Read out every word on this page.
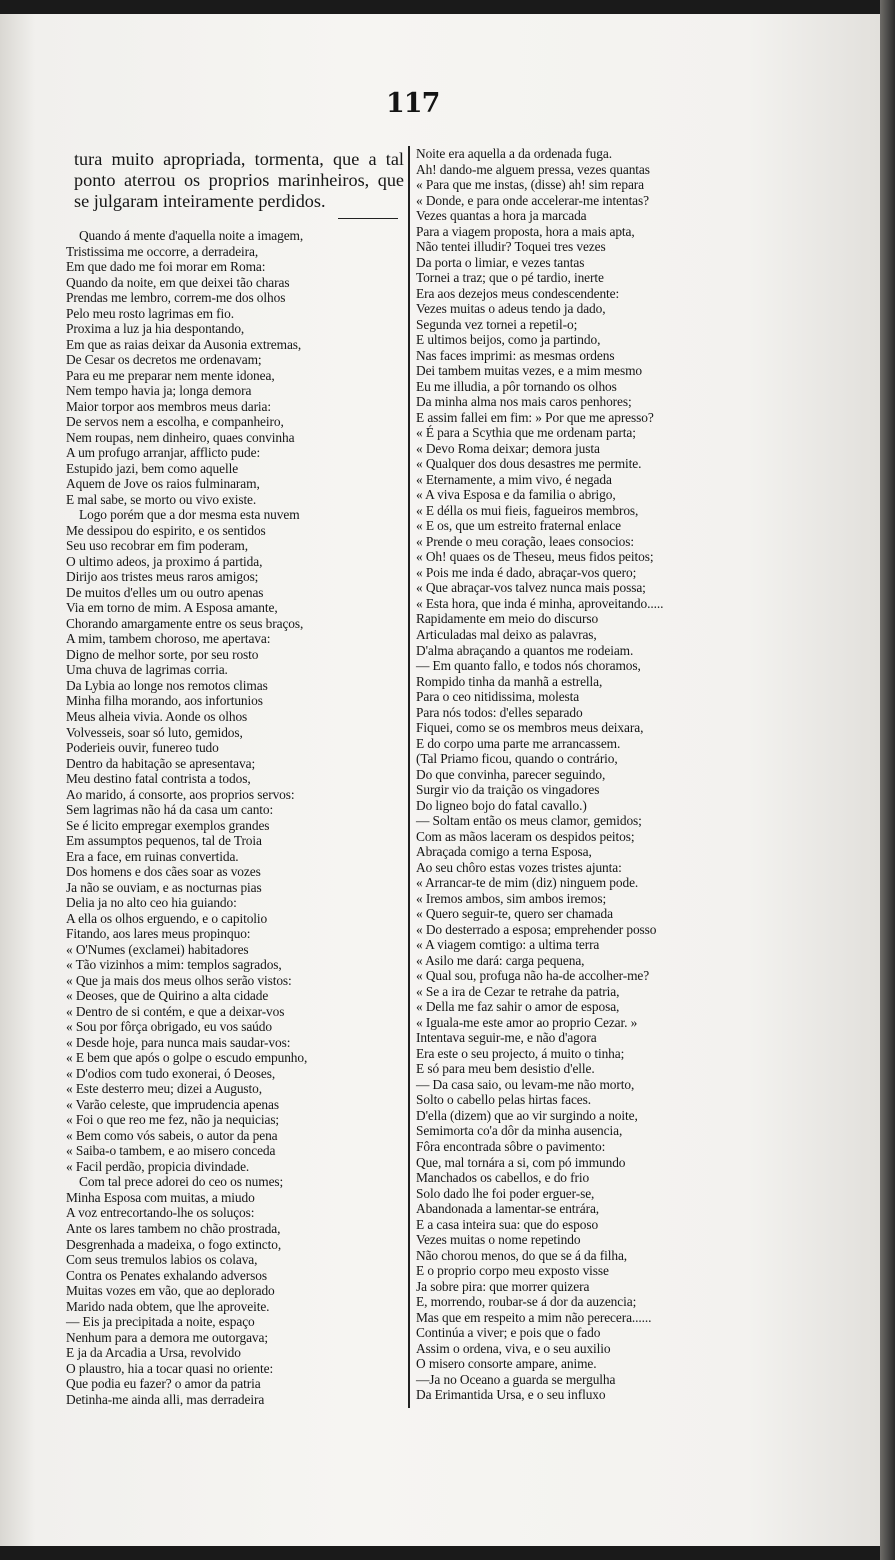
117
tura muito apropriada, tormenta, que a tal
ponto aterrou os proprios marinheiros, que
se julgaram inteiramente perdidos.
Quando á mente d'aquella noite a imagem,
Tristissima me occorre, a derradeira,
Em que dado me foi morar em Roma:
Quando da noite, em que deixei tão charas
Prendas me lembro, correm-me dos olhos
Pelo meu rosto lagrimas em fio.
Proxima a luz ja hia despontando,
Em que as raias deixar da Ausonia extremas,
De Cesar os decretos me ordenavam;
Para eu me preparar nem mente idonea,
Nem tempo havia ja; longa demora
Maior torpor aos membros meus daria:
De servos nem a escolha, e companheiro,
Nem roupas, nem dinheiro, quaes convinha
A um profugo arranjar, afflicto pude:
Estupido jazi, bem como aquelle
Aquem de Jove os raios fulminaram,
E mal sabe, se morto ou vivo existe.
Logo porém que a dor mesma esta nuvem
Me dessipou do espirito, e os sentidos
Seu uso recobrar em fim poderam,
O ultimo adeos, ja proximo á partida,
Dirijo aos tristes meus raros amigos;
De muitos d'elles um ou outro apenas
Via em torno de mim. A Esposa amante,
Chorando amargamente entre os seus braços,
A mim, tambem choroso, me apertava:
Digno de melhor sorte, por seu rosto
Uma chuva de lagrimas corria.
Da Lybia ao longe nos remotos climas
Minha filha morando, aos infortunios
Meus alheia vivia. Aonde os olhos
Volvesseis, soar só luto, gemidos,
Poderieis ouvir, funereo tudo
Dentro da habitação se apresentava;
Meu destino fatal contrista a todos,
Ao marido, á consorte, aos proprios servos:
Sem lagrimas não há da casa um canto:
Se é licito empregar exemplos grandes
Em assumptos pequenos, tal de Troia
Era a face, em ruinas convertida.
Dos homens e dos cães soar as vozes
Ja não se ouviam, e as nocturnas pias
Delia ja no alto ceo hia guiando:
A ella os olhos erguendo, e o capitolio
Fitando, aos lares meus propinquo:
« O'Numes (exclamei) habitadores
« Tão vizinhos a mim: templos sagrados,
« Que ja mais dos meus olhos serão vistos:
« Deoses, que de Quirino a alta cidade
« Dentro de si contém, e que a deixar-vos
« Sou por fôrça obrigado, eu vos saúdo
« Desde hoje, para nunca mais saudar-vos:
« E bem que após o golpe o escudo empunho,
« D'odios com tudo exonerai, ó Deoses,
« Este desterro meu; dizei a Augusto,
« Varão celeste, que imprudencia apenas
« Foi o que reo me fez, não ja nequicias;
« Bem como vós sabeis, o autor da pena
« Saiba-o tambem, e ao misero conceda
« Facil perdão, propicia divindade.
Com tal prece adorei do ceo os numes;
Minha Esposa com muitas, a miudo
A voz entrecortando-lhe os soluços:
Ante os lares tambem no chão prostrada,
Desgrenhada a madeixa, o fogo extincto,
Com seus tremulos labios os colava,
Contra os Penates exhalando adversos
Muitas vozes em vão, que ao deplorado
Marido nada obtem, que lhe aproveite.
— Eis ja precipitada a noite, espaço
Nenhum para a demora me outorgava;
E ja da Arcadia a Ursa, revolvido
O plaustro, hia a tocar quasi no oriente:
Que podia eu fazer? o amor da patria
Detinha-me ainda alli, mas derradeira
Noite era aquella a da ordenada fuga.
Ah! dando-me alguem pressa, vezes quantas
« Para que me instas, (disse) ah! sim repara
« Donde, e para onde accelerar-me intentas?
Vezes quantas a hora ja marcada
Para a viagem proposta, hora a mais apta,
Não tentei illudir? Toquei tres vezes
Da porta o limiar, e vezes tantas
Tornei a traz; que o pé tardio, inerte
Era aos dezejos meus condescendente:
Vezes muitas o adeus tendo ja dado,
Segunda vez tornei a repetil-o;
E ultimos beijos, como ja partindo,
Nas faces imprimi: as mesmas ordens
Dei tambem muitas vezes, e a mim mesmo
Eu me illudia, a pôr tornando os olhos
Da minha alma nos mais caros penhores;
E assim fallei em fim: » Por que me apresso?
« É para a Scythia que me ordenam parta;
« Devo Roma deixar; demora justa
« Qualquer dos dous desastres me permite.
« Eternamente, a mim vivo, é negada
« A viva Esposa e da familia o abrigo,
« E délla os mui fieis, fagueiros membros,
« E os, que um estreito fraternal enlace
« Prende o meu coração, leaes consocios:
« Oh! quaes os de Theseu, meus fidos peitos;
« Pois me inda é dado, abraçar-vos quero;
« Que abraçar-vos talvez nunca mais possa;
« Esta hora, que inda é minha, aproveitando.....
Rapidamente em meio do discurso
Articuladas mal deixo as palavras,
D'alma abraçando a quantos me rodeiam.
— Em quanto fallo, e todos nós choramos,
Rompido tinha da manhã a estrella,
Para o ceo nitidissima, molesta
Para nós todos: d'elles separado
Fiquei, como se os membros meus deixara,
E do corpo uma parte me arrancassem.
(Tal Priamo ficou, quando o contrário,
Do que convinha, parecer seguindo,
Surgir vio da traição os vingadores
Do ligneo bojo do fatal cavallo.)
— Soltam então os meus clamor, gemidos;
Com as mãos laceram os despidos peitos;
Abraçada comigo a terna Esposa,
Ao seu chôro estas vozes tristes ajunta:
« Arrancar-te de mim (diz) ninguem pode.
« Iremos ambos, sim ambos iremos;
« Quero seguir-te, quero ser chamada
« Do desterrado a esposa; emprehender posso
« A viagem comtigo: a ultima terra
« Asilo me dará: carga pequena,
« Qual sou, profuga não ha-de accolher-me?
« Se a ira de Cezar te retrahe da patria,
« Della me faz sahir o amor de esposa,
« Iguala-me este amor ao proprio Cezar. »
Intentava seguir-me, e não d'agora
Era este o seu projecto, á muito o tinha;
E só para meu bem desistio d'elle.
— Da casa saio, ou levam-me não morto,
Solto o cabello pelas hirtas faces.
D'ella (dizem) que ao vir surgindo a noite,
Semimorta co'a dôr da minha ausencia,
Fôra encontrada sôbre o pavimento:
Que, mal tornára a si, com pó immundo
Manchados os cabellos, e do frio
Solo dado lhe foi poder erguer-se,
Abandonada a lamentar-se entrára,
E a casa inteira sua: que do esposo
Vezes muitas o nome repetindo
Não chorou menos, do que se á da filha,
E o proprio corpo meu exposto visse
Ja sobre pira: que morrer quizera
E, morrendo, roubar-se á dor da auzencia;
Mas que em respeito a mim não perecera......
Continúa a viver; e pois que o fado
Assim o ordena, viva, e o seu auxilio
O misero consorte ampare, anime.
—Ja no Oceano a guarda se mergulha
Da Erimantida Ursa, e o seu influxo
